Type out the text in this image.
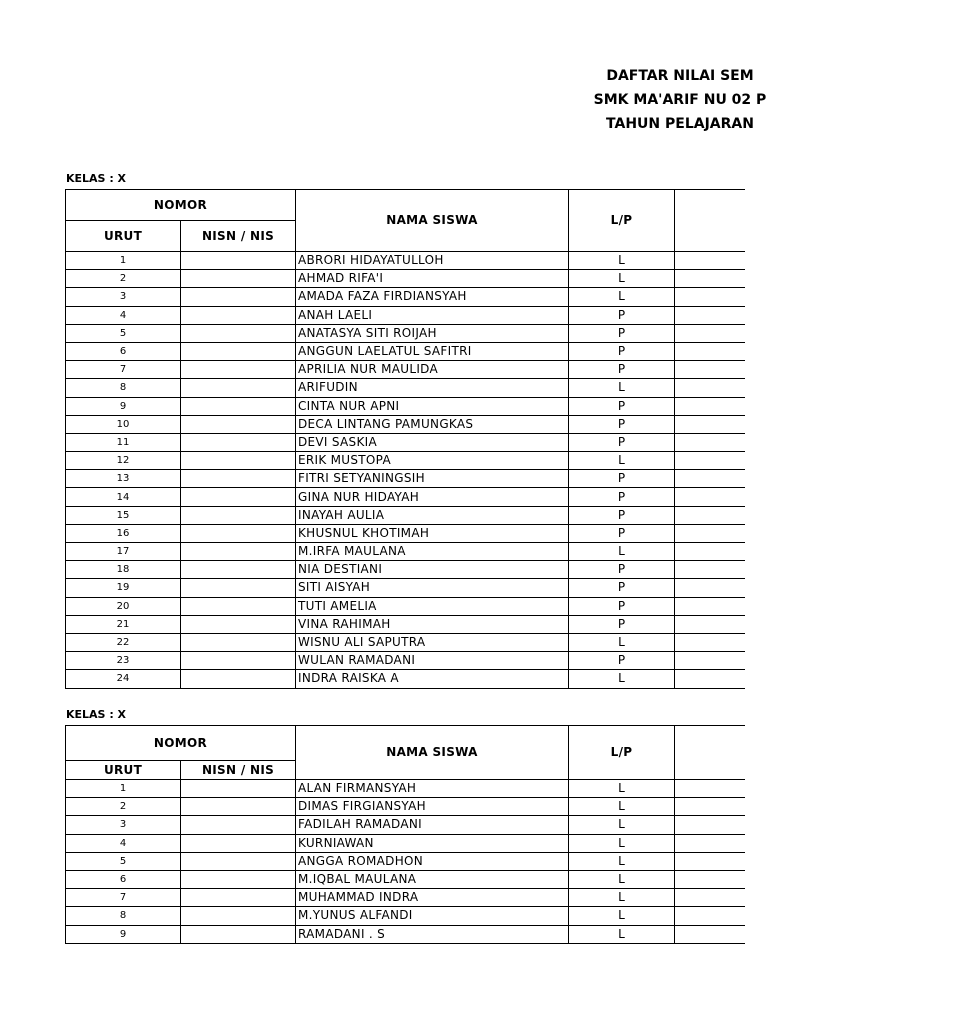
DAFTAR NILAI SEM
SMK MA'ARIF NU 02 P
TAHUN PELAJARAN
KELAS : X
NOMOR		NAMA SISWA	L/P	
URUT	NISN / NIS			
1		ABRORI HIDAYATULLOH	L	
2		AHMAD RIFA'I	L	
3		AMADA FAZA FIRDIANSYAH	L	
4		ANAH LAELI	P	
5		ANATASYA SITI ROIJAH	P	
6		ANGGUN LAELATUL SAFITRI	P	
7		APRILIA NUR MAULIDA	P	
8		ARIFUDIN	L	
9		CINTA NUR APNI	P	
10		DECA LINTANG PAMUNGKAS	P	
11		DEVI SASKIA	P	
12		ERIK MUSTOPA	L	
13		FITRI SETYANINGSIH	P	
14		GINA NUR HIDAYAH	P	
15		INAYAH AULIA	P	
16		KHUSNUL KHOTIMAH	P	
17		M.IRFA MAULANA	L	
18		NIA DESTIANI	P	
19		SITI AISYAH	P	
20		TUTI AMELIA	P	
21		VINA RAHIMAH	P	
22		WISNU ALI SAPUTRA	L	
23		WULAN RAMADANI	P	
24		INDRA RAISKA A	L	
KELAS : X
NOMOR		NAMA SISWA	L/P	
URUT	NISN / NIS			
1		ALAN FIRMANSYAH	L	
2		DIMAS FIRGIANSYAH	L	
3		FADILAH RAMADANI	L	
4		KURNIAWAN	L	
5		ANGGA ROMADHON	L	
6		M.IQBAL MAULANA	L	
7		MUHAMMAD INDRA	L	
8		M.YUNUS ALFANDI	L	
9		RAMADANI . S	L	
